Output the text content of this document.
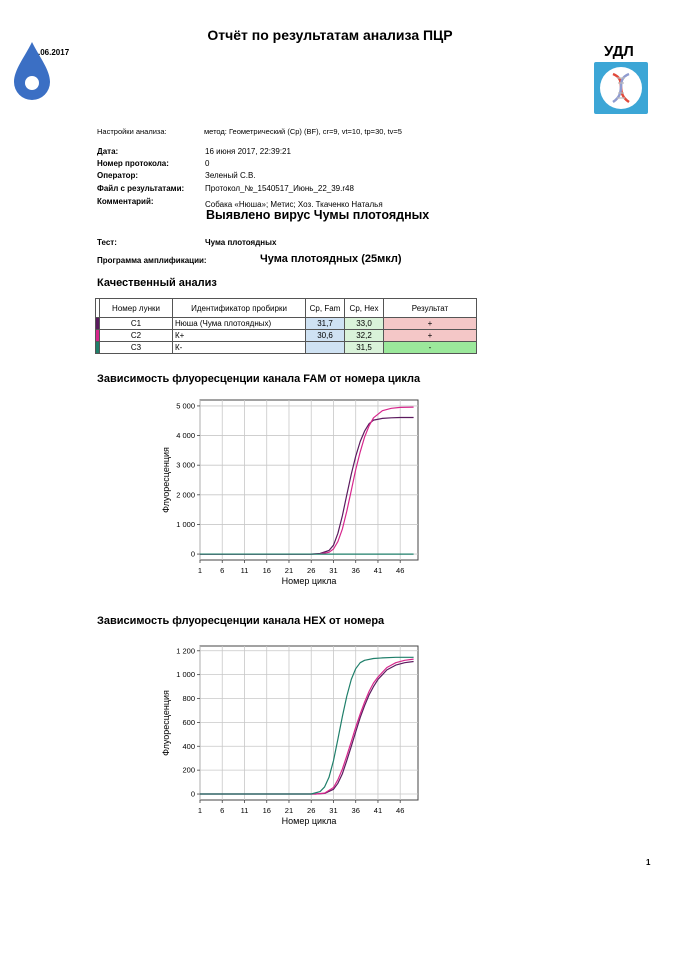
Отчёт по результатам анализа ПЦР
.06.2017	УДЛ
Настройки анализа:	метод: Геометрический (Cp) (BF), cr=9, vt=10, tp=30, tv=5
Дата:	16 июня 2017, 22:39:21
Номер протокола:	0
Оператор:	Зеленый С.В.
Файл с результатами:	Протокол_№_1540517_Июнь_22_39.r48
Комментарий:	Собака «Нюша»; Метис; Хоз. Ткаченко Наталья
Выявлено вирус Чумы плотоядных
Тест:	Чума плотоядных
Программа амплификации:	Чума плотоядных (25мкл)
Качественный анализ
	Номер лунки	Идентификатор пробирки	Cp, Fam	Cp, Hex	Результат
	C1	Нюша (Чума плотоядных)	31,7	33,0	+
	C2	К+	30,6	32,2	+
	C3	К-		31,5	-
Зависимость флуоресценции канала FAM от номера цикла
1 6 11 16 21 26 31 36 41 46
0
1 000
2 000
3 000
4 000
5 000
Номер цикла
Флуоресценция
Зависимость флуоресценции канала HEX от номера
1 6 11 16 21 26 31 36 41 46
0
200
400
600
800
1 000
1 200
Номер цикла
Флуоресценция
1
